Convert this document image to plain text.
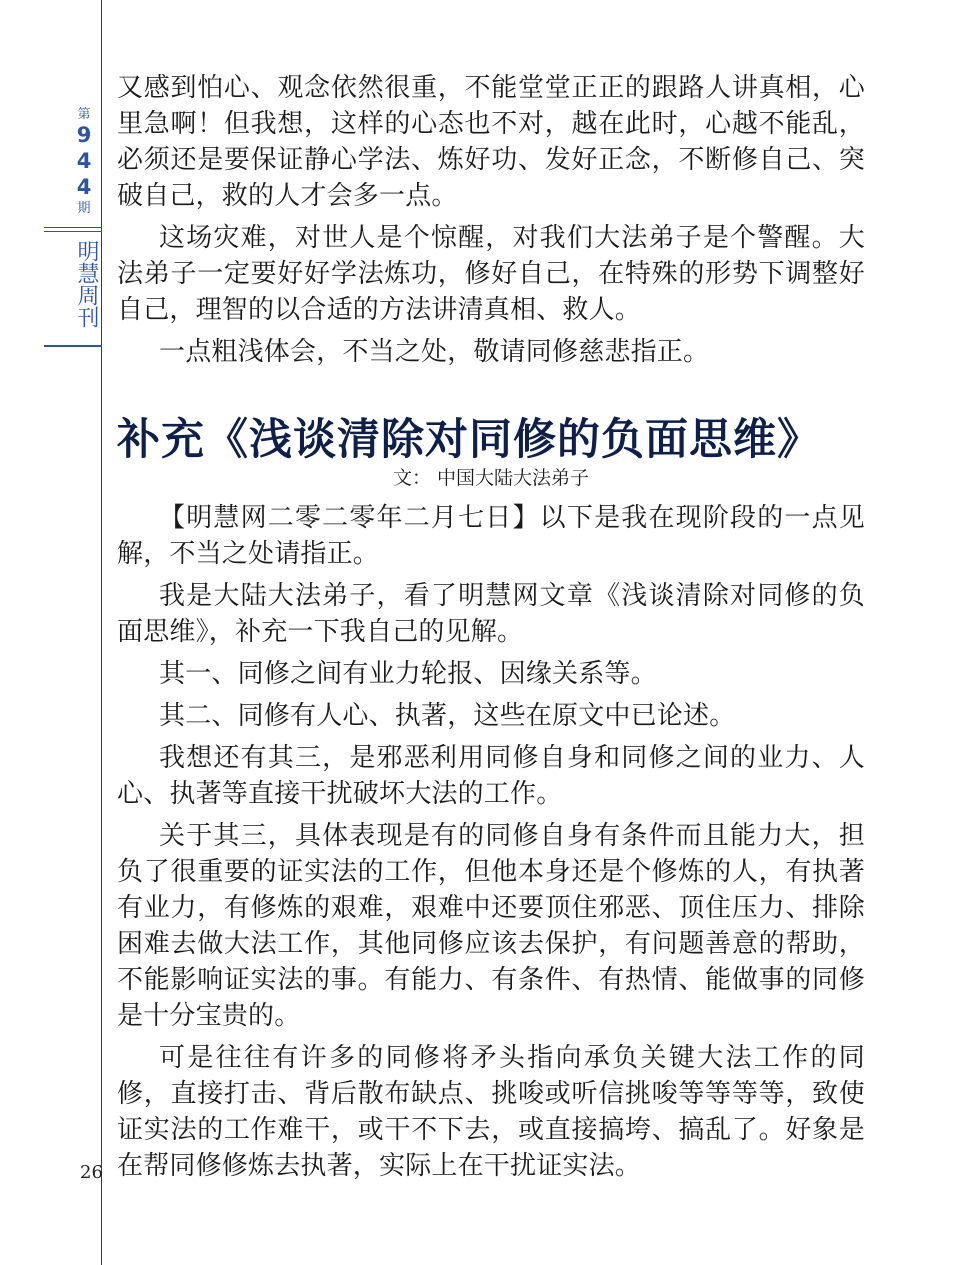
第
9
4
4
期
明慧周刊
26

又感到怕心、观念依然很重，不能堂堂正正的跟路人讲真相，心里急啊！但我想，这样的心态也不对，越在此时，心越不能乱，必须还是要保证静心学法、炼好功、发好正念，不断修自己、突破自己，救的人才会多一点。

这场灾难，对世人是个惊醒，对我们大法弟子是个警醒。大法弟子一定要好好学法炼功，修好自己，在特殊的形势下调整好自己，理智的以合适的方法讲清真相、救人。

一点粗浅体会，不当之处，敬请同修慈悲指正。

补充《浅谈清除对同修的负面思维》
文： 中国大陆大法弟子

【明慧网二零二零年二月七日】以下是我在现阶段的一点见解，不当之处请指正。

我是大陆大法弟子，看了明慧网文章《浅谈清除对同修的负面思维》，补充一下我自己的见解。

其一、同修之间有业力轮报、因缘关系等。

其二、同修有人心、执著，这些在原文中已论述。

我想还有其三，是邪恶利用同修自身和同修之间的业力、人心、执著等直接干扰破坏大法的工作。

关于其三，具体表现是有的同修自身有条件而且能力大，担负了很重要的证实法的工作，但他本身还是个修炼的人，有执著有业力，有修炼的艰难，艰难中还要顶住邪恶、顶住压力、排除困难去做大法工作，其他同修应该去保护，有问题善意的帮助，不能影响证实法的事。有能力、有条件、有热情、能做事的同修是十分宝贵的。

可是往往有许多的同修将矛头指向承负关键大法工作的同修，直接打击、背后散布缺点、挑唆或听信挑唆等等等等，致使证实法的工作难干，或干不下去，或直接搞垮、搞乱了。好象是在帮同修修炼去执著，实际上在干扰证实法。
